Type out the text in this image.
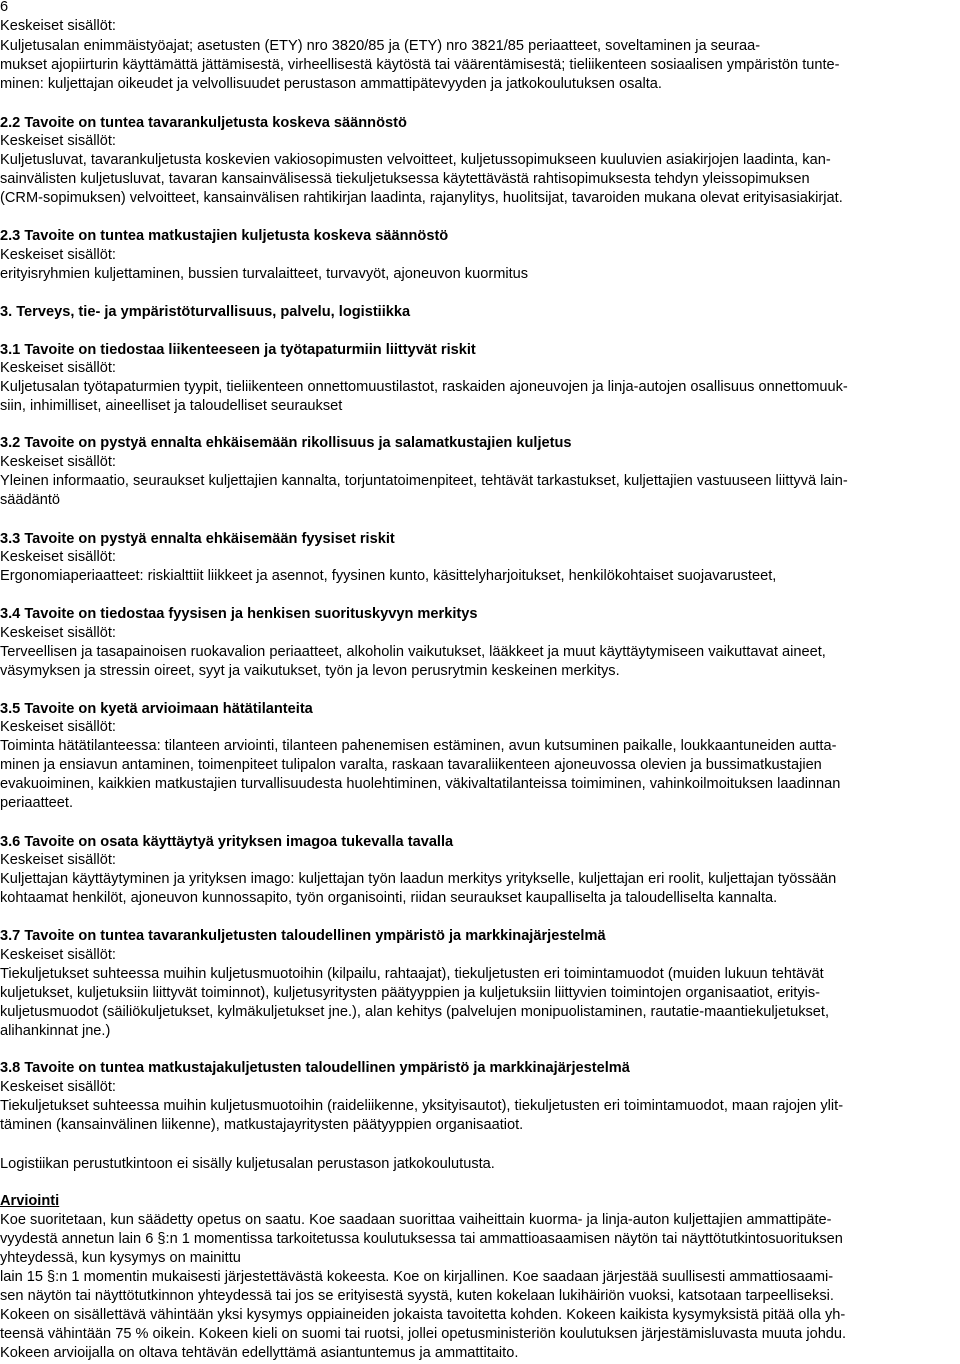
6
Keskeiset sisällöt:
Kuljetusalan enimmäistyöajat; asetusten (ETY) nro 3820/85 ja (ETY) nro 3821/85 periaatteet, soveltaminen ja seuraa-
mukset ajopiirturin käyttämättä jättämisestä, virheellisestä käytöstä tai väärentämisestä; tieliikenteen sosiaalisen ympäristön tunte-
minen: kuljettajan oikeudet ja velvollisuudet perustason ammattipätevyyden ja jatkokoulutuksen osalta.
2.2 Tavoite on tuntea tavarankuljetusta koskeva säännöstö
Keskeiset sisällöt:
Kuljetusluvat, tavarankuljetusta koskevien vakiosopimusten velvoitteet, kuljetussopimukseen kuuluvien asiakirjojen laadinta, kan-
sainvälisten kuljetusluvat, tavaran kansainvälisessä tiekuljetuksessa käytettävästä rahtisopimuksesta tehdyn yleissopimuksen
(CRM-sopimuksen) velvoitteet, kansainvälisen rahtikirjan laadinta, rajanylitys, huolitsijat, tavaroiden mukana olevat erityisasiakirjat.
2.3 Tavoite on tuntea matkustajien kuljetusta koskeva säännöstö
Keskeiset sisällöt:
erityisryhmien kuljettaminen, bussien turvalaitteet, turvavyöt, ajoneuvon kuormitus
3. Terveys, tie- ja ympäristöturvallisuus, palvelu, logistiikka
3.1 Tavoite on tiedostaa liikenteeseen ja työtapaturmiin liittyvät riskit
Keskeiset sisällöt:
Kuljetusalan työtapaturmien tyypit, tieliikenteen onnettomuustilastot, raskaiden ajoneuvojen ja linja-autojen osallisuus onnettomuuk-
siin, inhimilliset, aineelliset ja taloudelliset seuraukset
3.2 Tavoite on pystyä ennalta ehkäisemään rikollisuus ja salamatkustajien kuljetus
Keskeiset sisällöt:
Yleinen informaatio, seuraukset kuljettajien kannalta, torjuntatoimenpiteet, tehtävät tarkastukset, kuljettajien vastuuseen liittyvä lain-
säädäntö
3.3 Tavoite on pystyä ennalta ehkäisemään fyysiset riskit
Keskeiset sisällöt:
Ergonomiaperiaatteet: riskialttiit liikkeet ja asennot, fyysinen kunto, käsittelyharjoitukset, henkilökohtaiset suojavarusteet,
3.4 Tavoite on tiedostaa fyysisen ja henkisen suorituskyvyn merkitys
Keskeiset sisällöt:
Terveellisen ja tasapainoisen ruokavalion periaatteet, alkoholin vaikutukset, lääkkeet ja muut käyttäytymiseen vaikuttavat aineet,
väsymyksen ja stressin oireet, syyt ja vaikutukset, työn ja levon perusrytmin keskeinen merkitys.
3.5 Tavoite on kyetä arvioimaan hätätilanteita
Keskeiset sisällöt:
Toiminta hätätilanteessa: tilanteen arviointi, tilanteen pahenemisen estäminen, avun kutsuminen paikalle, loukkaantuneiden autta-
minen ja ensiavun antaminen, toimenpiteet tulipalon varalta, raskaan tavaraliikenteen ajoneuvossa olevien ja bussimatkustajien
evakuoiminen, kaikkien matkustajien turvallisuudesta huolehtiminen, väkivaltatilanteissa toimiminen, vahinkoilmoituksen laadinnan
periaatteet.
3.6 Tavoite on osata käyttäytyä yrityksen imagoa tukevalla tavalla
Keskeiset sisällöt:
Kuljettajan käyttäytyminen ja yrityksen imago: kuljettajan työn laadun merkitys yritykselle, kuljettajan eri roolit, kuljettajan työssään
kohtaamat henkilöt, ajoneuvon kunnossapito, työn organisointi, riidan seuraukset kaupalliselta ja taloudelliselta kannalta.
3.7 Tavoite on tuntea tavarankuljetusten taloudellinen ympäristö ja markkinajärjestelmä
Keskeiset sisällöt:
Tiekuljetukset suhteessa muihin kuljetusmuotoihin (kilpailu, rahtaajat), tiekuljetusten eri toimintamuodot (muiden lukuun tehtävät
kuljetukset, kuljetuksiin liittyvät toiminnot), kuljetusyritysten päätyyppien ja kuljetuksiin liittyvien toimintojen organisaatiot, erityis-
kuljetusmuodot (säiliökuljetukset, kylmäkuljetukset jne.), alan kehitys (palvelujen monipuolistaminen, rautatie-maantiekuljetukset,
alihankinnat jne.)
3.8 Tavoite on tuntea matkustajakuljetusten taloudellinen ympäristö ja markkinajärjestelmä
Keskeiset sisällöt:
Tiekuljetukset suhteessa muihin kuljetusmuotoihin (raideliikenne, yksityisautot), tiekuljetusten eri toimintamuodot, maan rajojen ylit-
täminen (kansainvälinen liikenne), matkustajayritysten päätyyppien organisaatiot.
Logistiikan perustutkintoon ei sisälly kuljetusalan perustason jatkokoulutusta.
Arviointi
Koe suoritetaan, kun säädetty opetus on saatu. Koe saadaan suorittaa vaiheittain kuorma- ja linja-auton kuljettajien ammattipäte-
vyydestä annetun lain 6 §:n 1 momentissa tarkoitetussa koulutuksessa tai ammattioasaamisen näytön tai näyttötutkintosuorituksen
yhteydessä, kun kysymys on mainittu
lain 15 §:n 1 momentin mukaisesti järjestettävästä kokeesta. Koe on kirjallinen. Koe saadaan järjestää suullisesti ammattiosaami-
sen näytön tai näyttötutkinnon yhteydessä tai jos se erityisestä syystä, kuten kokelaan lukihäiriön vuoksi, katsotaan tarpeelliseksi.
Kokeen on sisällettävä vähintään yksi kysymys oppiaineiden jokaista tavoitetta kohden. Kokeen kaikista kysymyksistä pitää olla yh-
teensä vähintään 75 % oikein. Kokeen kieli on suomi tai ruotsi, jollei opetusministeriön koulutuksen järjestämisluvasta muuta johdu.
Kokeen arvioijalla on oltava tehtävän edellyttämä asiantuntemus ja ammattitaito.
